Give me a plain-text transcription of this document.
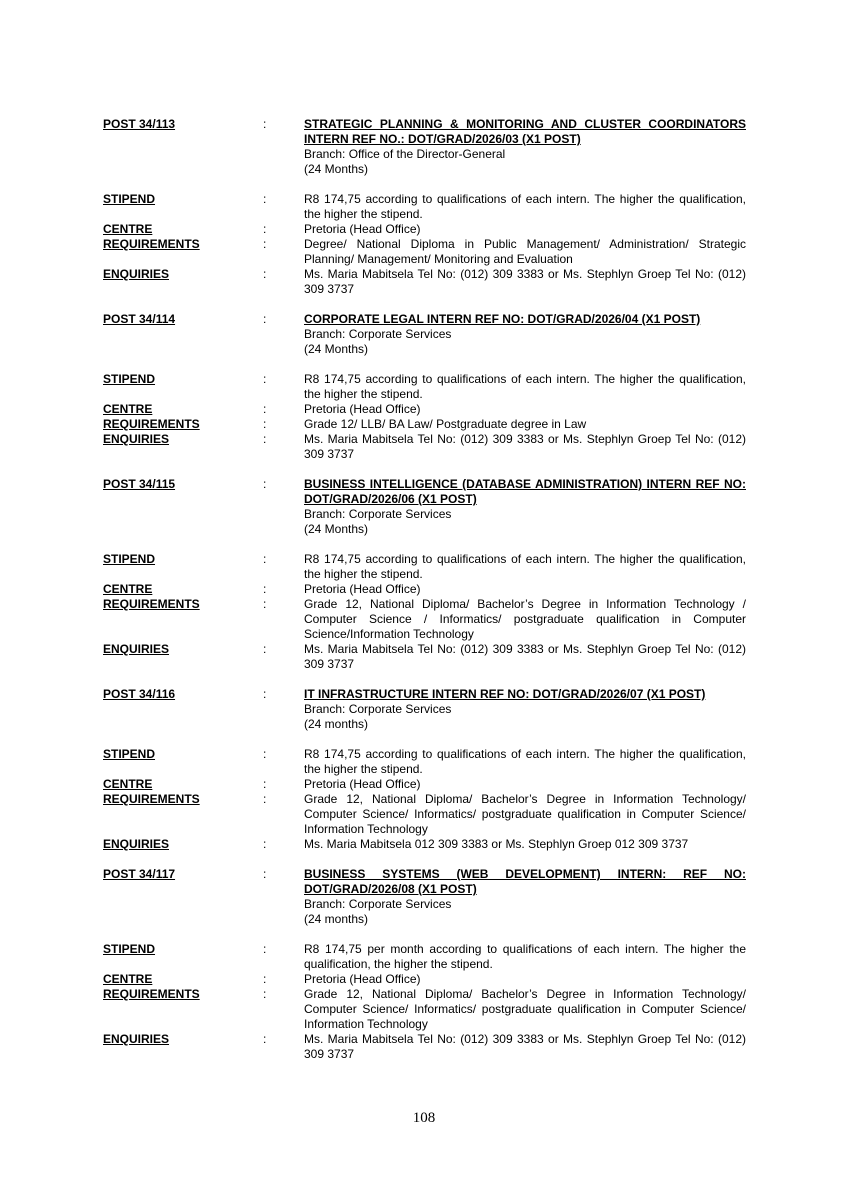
POST 34/113	:	STRATEGIC PLANNING & MONITORING AND CLUSTER COORDINATORS INTERN REF NO.: DOT/GRAD/2026/03 (X1 POST)
Branch: Office of the Director-General
(24 Months)
STIPEND	:	R8 174,75 according to qualifications of each intern. The higher the qualification, the higher the stipend.
CENTRE	:	Pretoria (Head Office)
REQUIREMENTS	:	Degree/ National Diploma in Public Management/ Administration/ Strategic Planning/ Management/ Monitoring and Evaluation
ENQUIRIES	:	Ms. Maria Mabitsela Tel No: (012) 309 3383 or Ms. Stephlyn Groep Tel No: (012) 309 3737
POST 34/114	:	CORPORATE LEGAL INTERN REF NO: DOT/GRAD/2026/04 (X1 POST)
Branch: Corporate Services
(24 Months)
STIPEND	:	R8 174,75 according to qualifications of each intern. The higher the qualification, the higher the stipend.
CENTRE	:	Pretoria (Head Office)
REQUIREMENTS	:	Grade 12/ LLB/ BA Law/ Postgraduate degree in Law
ENQUIRIES	:	Ms. Maria Mabitsela Tel No: (012) 309 3383 or Ms. Stephlyn Groep Tel No: (012) 309 3737
POST 34/115	:	BUSINESS INTELLIGENCE (DATABASE ADMINISTRATION) INTERN REF NO: DOT/GRAD/2026/06 (X1 POST)
Branch: Corporate Services
(24 Months)
STIPEND	:	R8 174,75 according to qualifications of each intern. The higher the qualification, the higher the stipend.
CENTRE	:	Pretoria (Head Office)
REQUIREMENTS	:	Grade 12, National Diploma/ Bachelor’s Degree in Information Technology / Computer Science / Informatics/ postgraduate qualification in Computer Science/Information Technology
ENQUIRIES	:	Ms. Maria Mabitsela Tel No: (012) 309 3383 or Ms. Stephlyn Groep Tel No: (012) 309 3737
POST 34/116	:	IT INFRASTRUCTURE INTERN REF NO: DOT/GRAD/2026/07 (X1 POST)
Branch: Corporate Services
(24 months)
STIPEND	:	R8 174,75 according to qualifications of each intern. The higher the qualification, the higher the stipend.
CENTRE	:	Pretoria (Head Office)
REQUIREMENTS	:	Grade 12, National Diploma/ Bachelor’s Degree in Information Technology/ Computer Science/ Informatics/ postgraduate qualification in Computer Science/ Information Technology
ENQUIRIES	:	Ms. Maria Mabitsela 012 309 3383 or Ms. Stephlyn Groep 012 309 3737
POST 34/117	:	BUSINESS SYSTEMS (WEB DEVELOPMENT) INTERN: REF NO: DOT/GRAD/2026/08 (X1 POST)
Branch: Corporate Services
(24 months)
STIPEND	:	R8 174,75 per month according to qualifications of each intern. The higher the qualification, the higher the stipend.
CENTRE	:	Pretoria (Head Office)
REQUIREMENTS	:	Grade 12, National Diploma/ Bachelor’s Degree in Information Technology/ Computer Science/ Informatics/ postgraduate qualification in Computer Science/ Information Technology
ENQUIRIES	:	Ms. Maria Mabitsela Tel No: (012) 309 3383 or Ms. Stephlyn Groep Tel No: (012) 309 3737
108
